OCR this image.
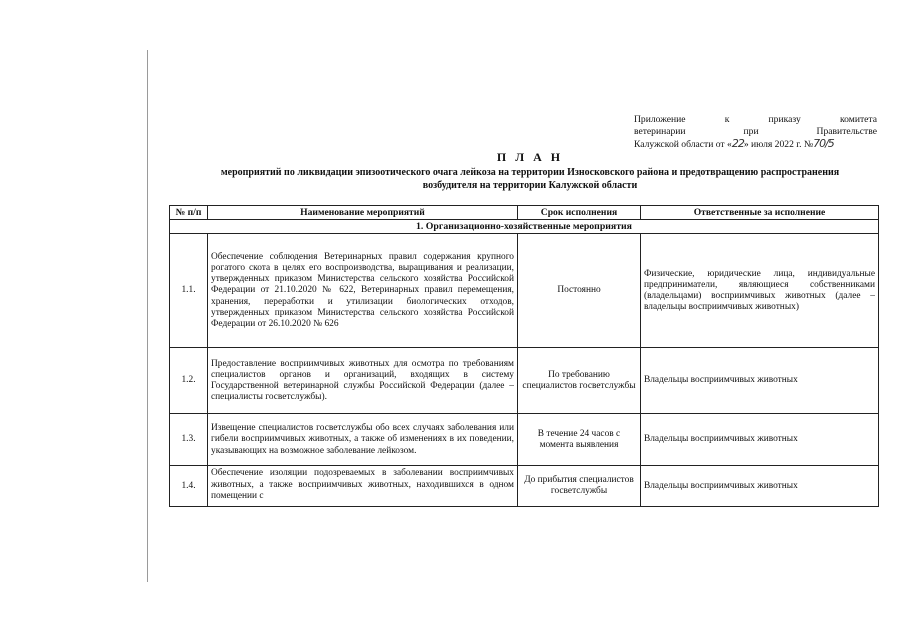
Приложение к приказу комитета
ветеринарии при Правительстве
Калужской области от «22» июля 2022 г. №70/5
П Л А Н
мероприятий по ликвидации эпизоотического очага лейкоза на территории Износковского района и предотвращению распространения возбудителя на территории Калужской области
№ п/п	Наименование мероприятий	Срок исполнения	Ответственные за исполнение
1. Организационно-хозяйственные мероприятия			
1.1.	Обеспечение соблюдения Ветеринарных правил содержания крупного рогатого скота в целях его воспроизводства, выращивания и реализации, утвержденных приказом Министерства сельского хозяйства Российской Федерации от 21.10.2020 № 622, Ветеринарных правил перемещения, хранения, переработки и утилизации биологических отходов, утвержденных приказом Министерства сельского хозяйства Российской Федерации от 26.10.2020 № 626	Постоянно	Физические, юридические лица, индивидуальные предприниматели, являющиеся собственниками (владельцами) восприимчивых животных (далее – владельцы восприимчивых животных)
1.2.	Предоставление восприимчивых животных для осмотра по требованиям специалистов органов и организаций, входящих в систему Государственной ветеринарной службы Российской Федерации (далее – специалисты госветслужбы).	По требованию специалистов госветслужбы	Владельцы восприимчивых животных
1.3.	Извещение специалистов госветслужбы обо всех случаях заболевания или гибели восприимчивых животных, а также об изменениях в их поведении, указывающих на возможное заболевание лейкозом.	В течение 24 часов с момента выявления	Владельцы восприимчивых животных
1.4.	Обеспечение изоляции подозреваемых в заболевании восприимчивых животных, а также восприимчивых животных, находившихся в одном помещении с	До прибытия специалистов госветслужбы	Владельцы восприимчивых животных
